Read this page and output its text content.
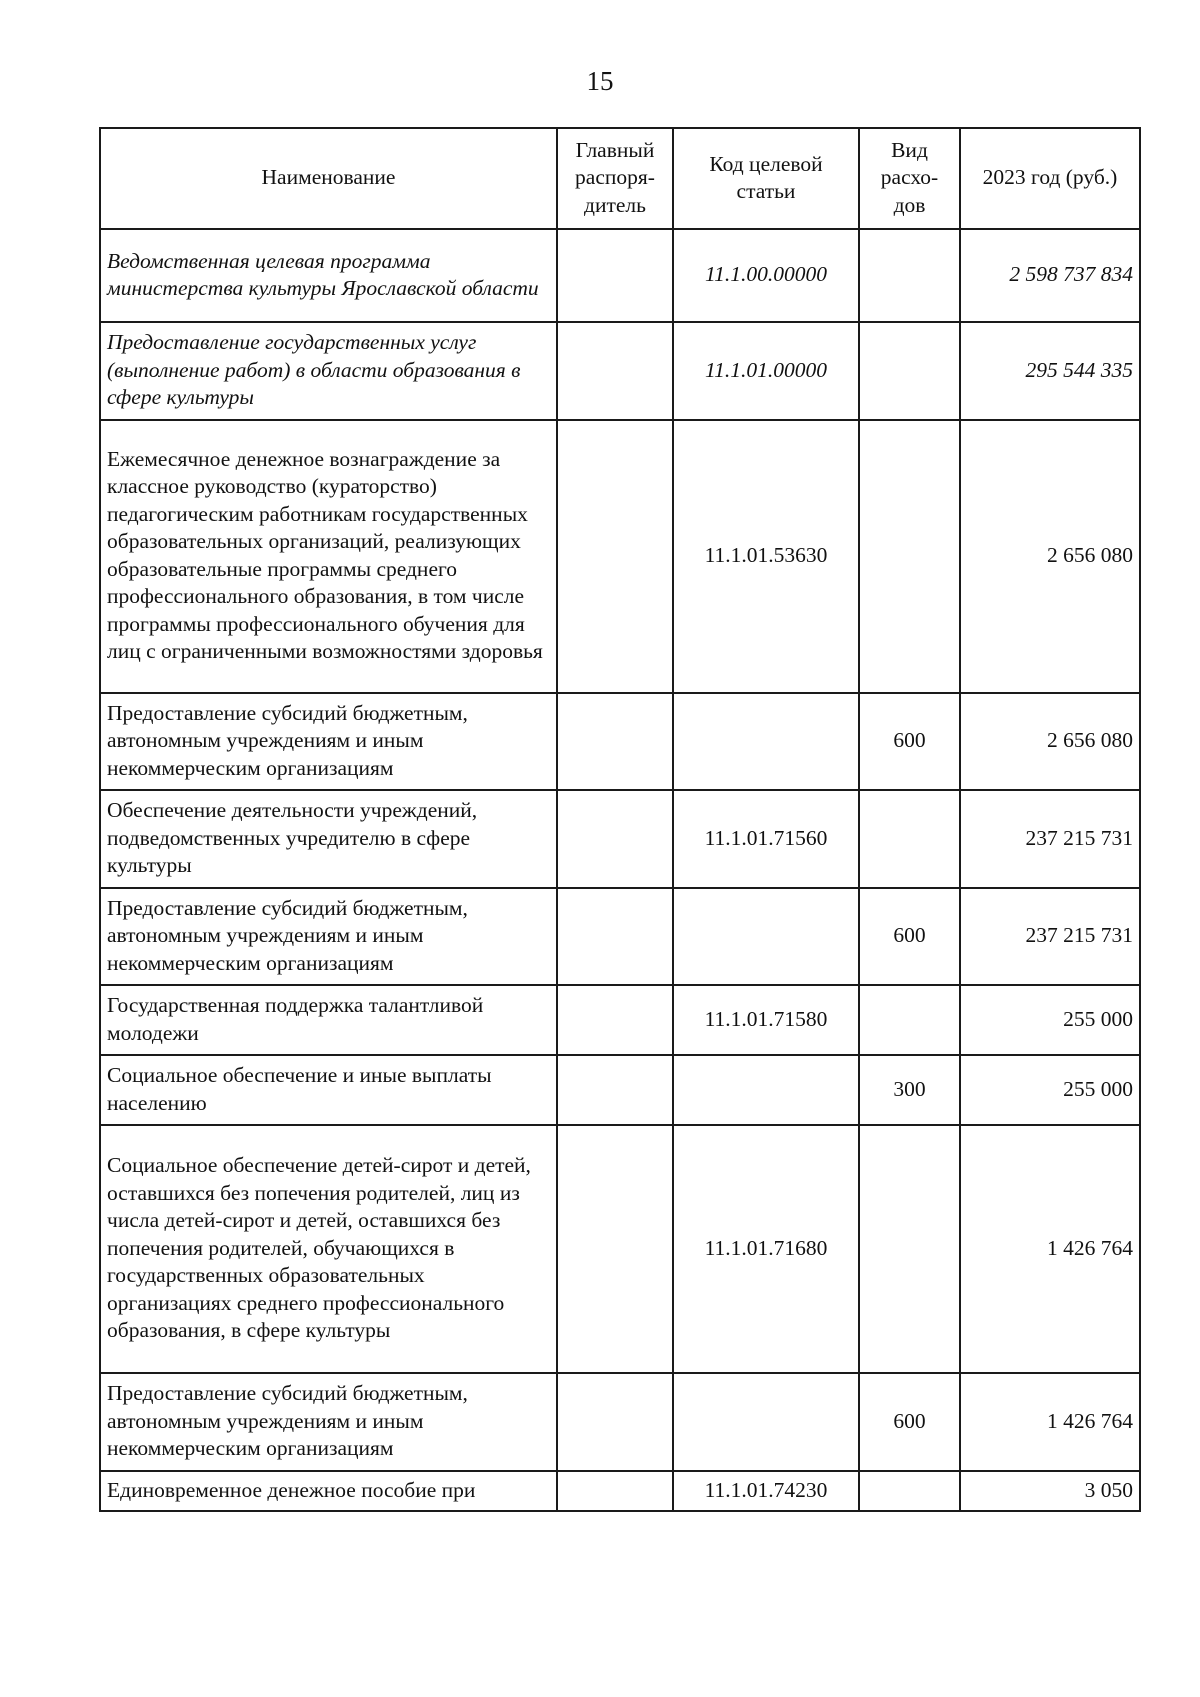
15
Наименование	Главный распоря-дитель	Код целевой статьи	Вид расхо-дов	2023 год (руб.)
Ведомственная целевая программа министерства культуры Ярославской области		11.1.00.00000		2 598 737 834
Предоставление государственных услуг (выполнение работ) в области образования в сфере культуры		11.1.01.00000		295 544 335
Ежемесячное денежное вознаграждение за классное руководство (кураторство) педагогическим работникам государственных образовательных организаций, реализующих образовательные программы среднего профессионального образования, в том числе программы профессионального обучения для лиц с ограниченными возможностями здоровья		11.1.01.53630		2 656 080
Предоставление субсидий бюджетным, автономным учреждениям и иным некоммерческим организациям			600	2 656 080
Обеспечение деятельности учреждений, подведомственных учредителю в сфере культуры		11.1.01.71560		237 215 731
Предоставление субсидий бюджетным, автономным учреждениям и иным некоммерческим организациям			600	237 215 731
Государственная поддержка талантливой молодежи		11.1.01.71580		255 000
Социальное обеспечение и иные выплаты населению			300	255 000
Социальное обеспечение детей-сирот и детей, оставшихся без попечения родителей, лиц из числа детей-сирот и детей, оставшихся без попечения родителей, обучающихся в государственных образовательных организациях среднего профессионального образования, в сфере культуры		11.1.01.71680		1 426 764
Предоставление субсидий бюджетным, автономным учреждениям и иным некоммерческим организациям			600	1 426 764
Единовременное денежное пособие при		11.1.01.74230		3 050
